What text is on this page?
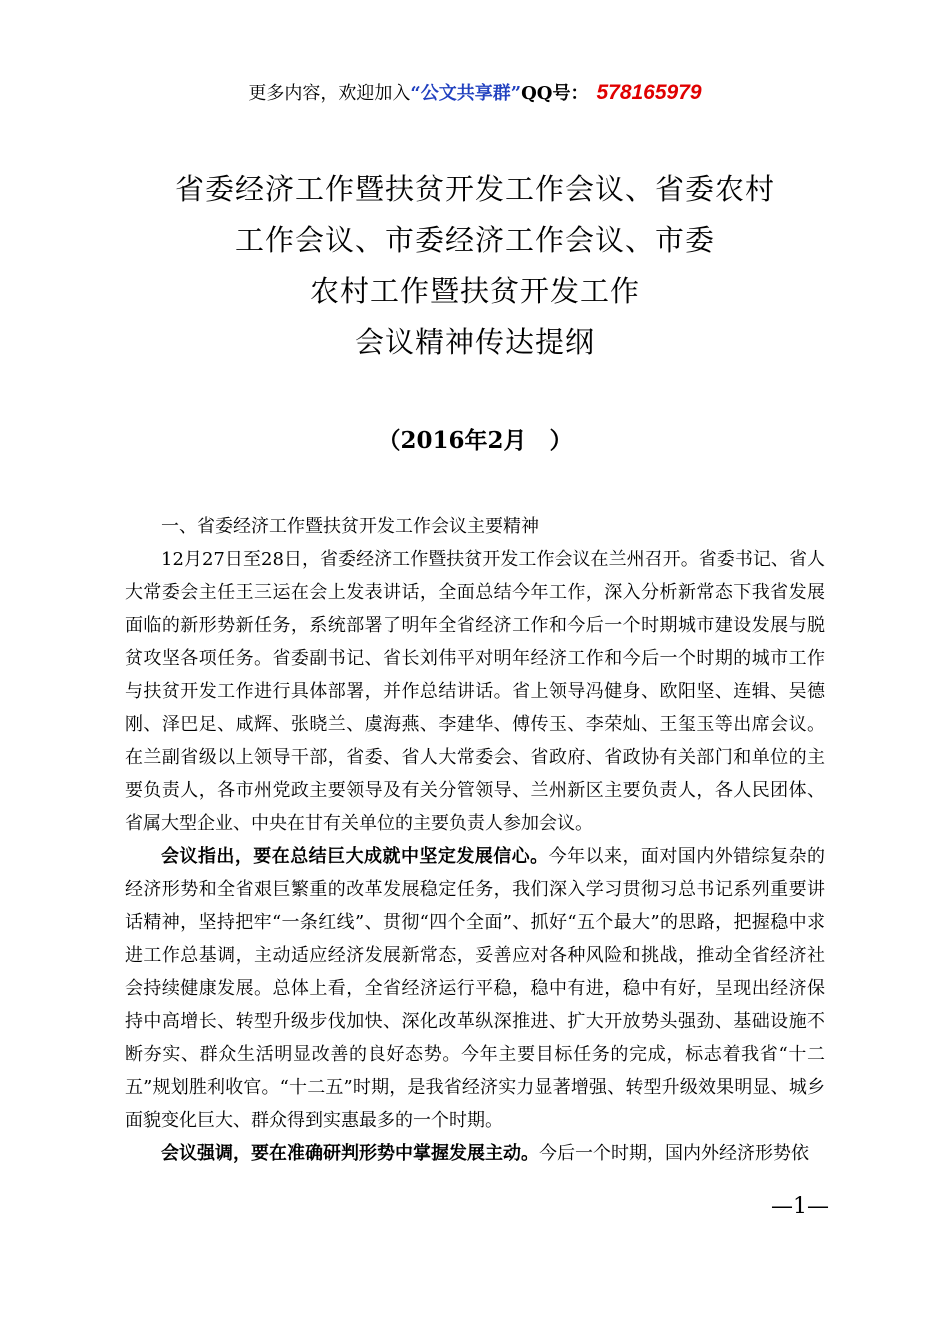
更多内容，欢迎加入“公文共享群”QQ号： 578165979
省委经济工作暨扶贫开发工作会议、省委农村
工作会议、市委经济工作会议、市委
农村工作暨扶贫开发工作
会议精神传达提纲
（2016年2月　）

一、省委经济工作暨扶贫开发工作会议主要精神

12月27日至28日，省委经济工作暨扶贫开发工作会议在兰州召开。省委书记、省人大常委会主任王三运在会上发表讲话，全面总结今年工作，深入分析新常态下我省发展面临的新形势新任务，系统部署了明年全省经济工作和今后一个时期城市建设发展与脱贫攻坚各项任务。省委副书记、省长刘伟平对明年经济工作和今后一个时期的城市工作与扶贫开发工作进行具体部署，并作总结讲话。省上领导冯健身、欧阳坚、连辑、吴德刚、泽巴足、咸辉、张晓兰、虞海燕、李建华、傅传玉、李荣灿、王玺玉等出席会议。在兰副省级以上领导干部，省委、省人大常委会、省政府、省政协有关部门和单位的主要负责人，各市州党政主要领导及有关分管领导、兰州新区主要负责人，各人民团体、省属大型企业、中央在甘有关单位的主要负责人参加会议。

会议指出，要在总结巨大成就中坚定发展信心。今年以来，面对国内外错综复杂的经济形势和全省艰巨繁重的改革发展稳定任务，我们深入学习贯彻习总书记系列重要讲话精神，坚持把牢“一条红线”、贯彻“四个全面”、抓好“五个最大”的思路，把握稳中求进工作总基调，主动适应经济发展新常态，妥善应对各种风险和挑战，推动全省经济社会持续健康发展。总体上看，全省经济运行平稳，稳中有进，稳中有好，呈现出经济保持中高增长、转型升级步伐加快、深化改革纵深推进、扩大开放势头强劲、基础设施不断夯实、群众生活明显改善的良好态势。今年主要目标任务的完成，标志着我省“十二五”规划胜利收官。“十二五”时期，是我省经济实力显著增强、转型升级效果明显、城乡面貌变化巨大、群众得到实惠最多的一个时期。

会议强调，要在准确研判形势中掌握发展主动。今后一个时期，国内外经济形势依

—1—
